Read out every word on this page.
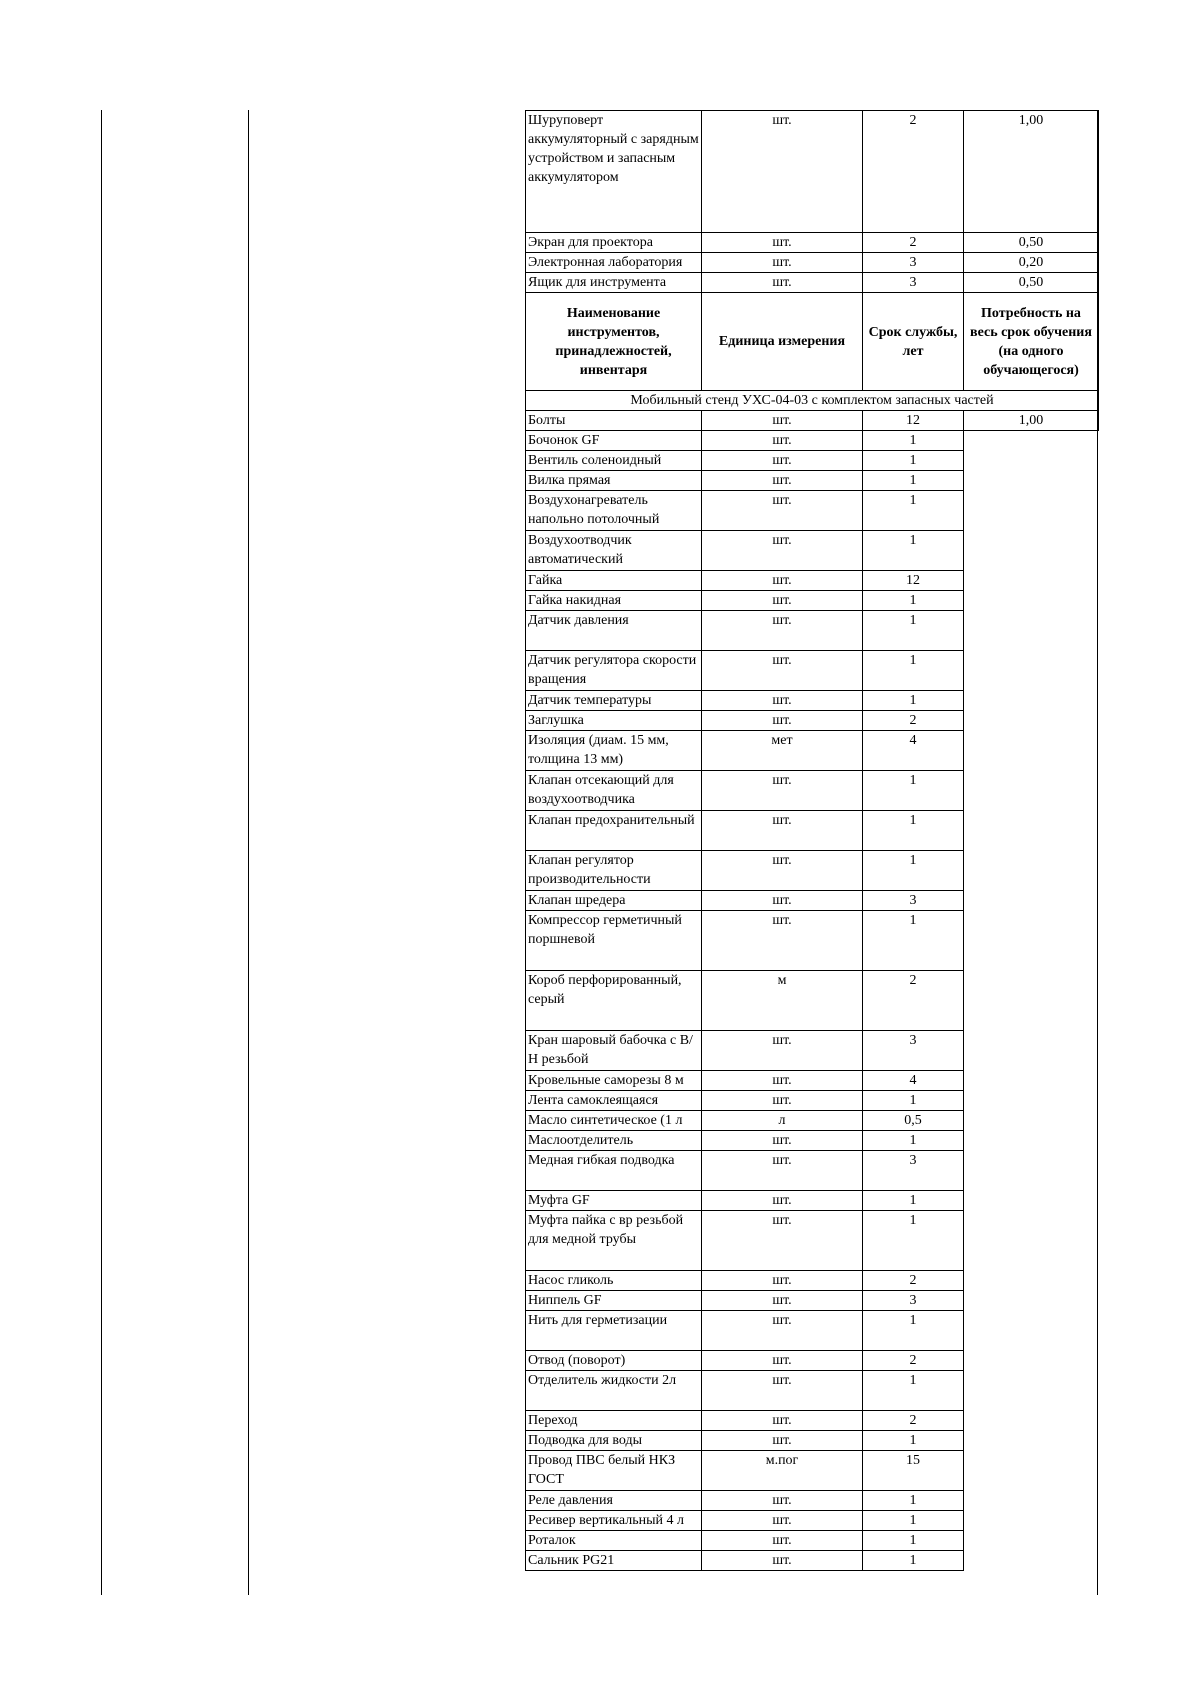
Шуруповерт аккумуляторный с зарядным устройством и запасным аккумулятором	шт.	2	1,00
Экран для проектора	шт.	2	0,50
Электронная лаборатория	шт.	3	0,20
Ящик для инструмента	шт.	3	0,50
Наименование инструментов, принадлежностей, инвентаря	Единица измерения	Срок службы, лет	Потребность на весь срок обучения (на одного обучающегося)
Мобильный стенд УХС-04-03 с комплектом запасных частей			
Болты	шт.	12	1,00
Бочонок GF	шт.	1	
Вентиль соленоидный	шт.	1	
Вилка прямая	шт.	1	
Воздухонагреватель напольно потолочный	шт.	1	
Воздухоотводчик автоматический	шт.	1	
Гайка	шт.	12	
Гайка накидная	шт.	1	
Датчик давления	шт.	1	
Датчик регулятора скорости вращения	шт.	1	
Датчик температуры	шт.	1	
Заглушка	шт.	2	
Изоляция (диам. 15 мм, толщина 13 мм)	мет	4	
Клапан отсекающий для воздухоотводчика	шт.	1	
Клапан предохранительный	шт.	1	
Клапан регулятор производительности	шт.	1	
Клапан шредера	шт.	3	
Компрессор герметичный поршневой	шт.	1	
Короб перфорированный, серый	м	2	
Кран шаровый бабочка с В/Н резьбой	шт.	3	
Кровельные саморезы 8 м	шт.	4	
Лента самоклеящаяся	шт.	1	
Масло синтетическое (1 л	л	0,5	
Маслоотделитель	шт.	1	
Медная гибкая подводка	шт.	3	
Муфта GF	шт.	1	
Муфта пайка с вр резьбой для медной трубы	шт.	1	
Насос гликоль	шт.	2	
Ниппель GF	шт.	3	
Нить для герметизации	шт.	1	
Отвод (поворот)	шт.	2	
Отделитель жидкости 2л	шт.	1	
Переход	шт.	2	
Подводка для воды	шт.	1	
Провод ПВС белый НКЗ ГОСТ	м.пог	15	
Реле давления	шт.	1	
Ресивер вертикальный 4 л	шт.	1	
Роталок	шт.	1	
Сальник PG21	шт.	1	
